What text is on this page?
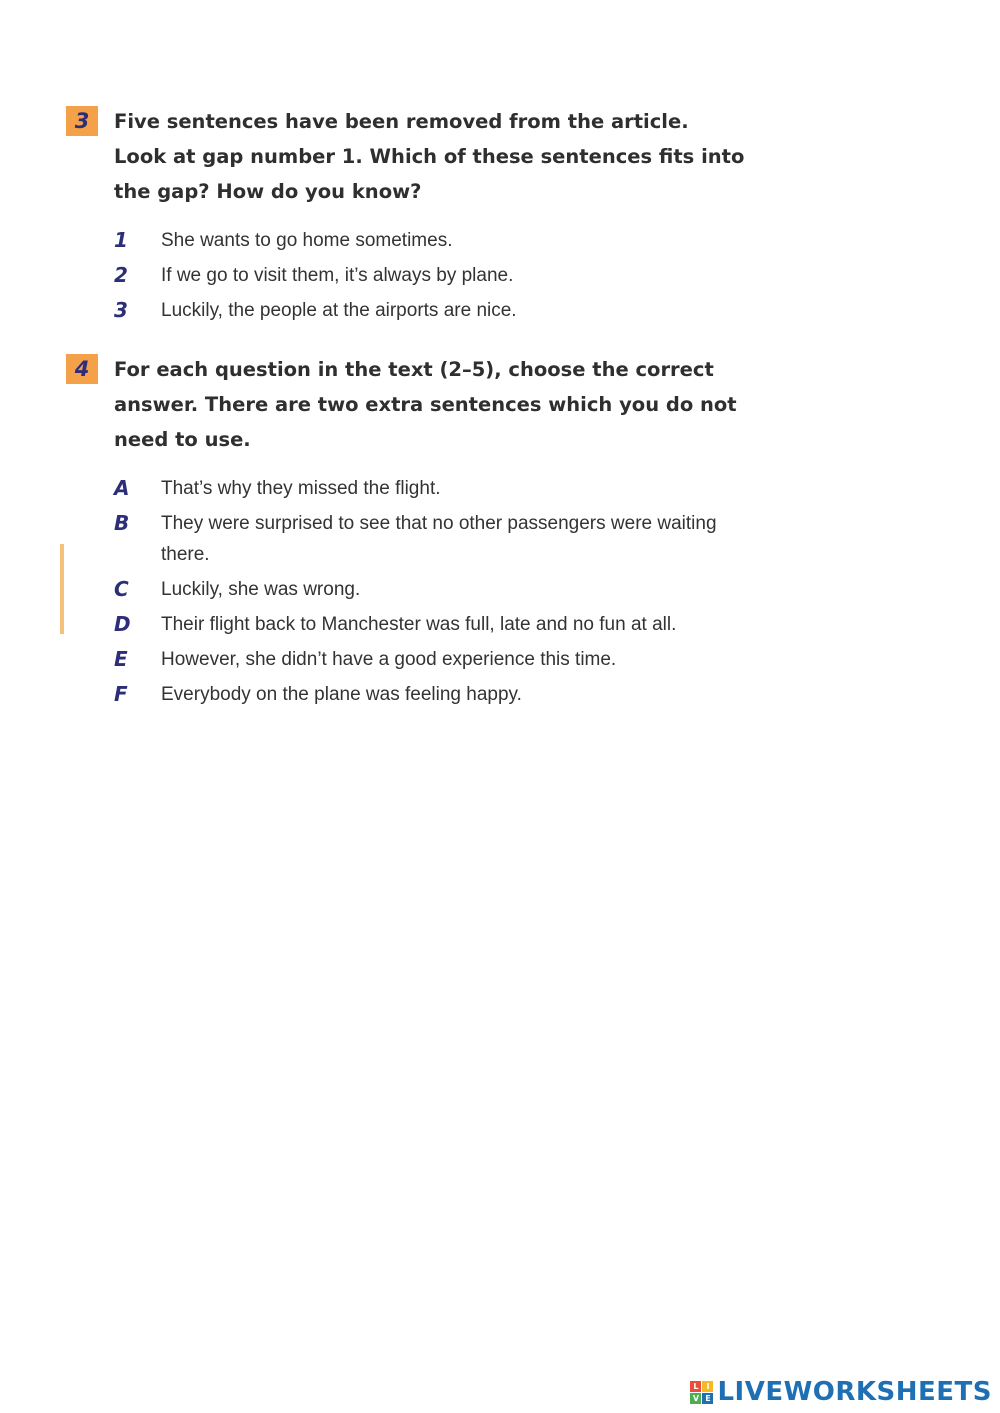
3	Five sentences have been removed from the article. Look at gap number 1. Which of these sentences fits into the gap? How do you know?

1 She wants to go home sometimes.
2 If we go to visit them, it’s always by plane.
3 Luckily, the people at the airports are nice.
4	For each question in the text (2–5), choose the correct answer. There are two extra sentences which you do not need to use.

A That’s why they missed the flight.
B They were surprised to see that no other passengers were waiting there.
C Luckily, she was wrong.
D Their flight back to Manchester was full, late and no fun at all.
E However, she didn’t have a good experience this time.
F Everybody on the plane was feeling happy.
L I
V E LIVEWORKSHEETS
